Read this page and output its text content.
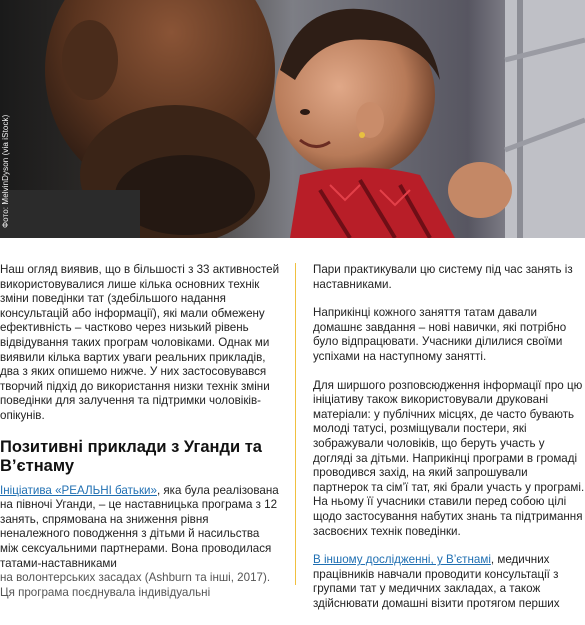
Фото: MelvinDyson (via iStock)

Наш огляд виявив, що в більшості з 33 активностей використовувалися лише кілька основних технік зміни поведінки тат (здебільшого надання консультацій або інформації), які мали обмежену ефективність – частково через низький рівень відвідування таких програм чоловіками. Однак ми виявили кілька вартих уваги реальних прикладів, два з яких опишемо нижче. У них застосовувався творчий підхід до використання низки технік зміни поведінки для залучення та підтримки чоловіків-опікунів.

Позитивні приклади з Уганди та В’єтнаму

Ініціатива «РЕАЛЬНІ батьки», яка була реалізована на півночі Уганди, – це наставницька програма з 12 занять, спрямована на зниження рівня неналежного поводження з дітьми й насильства між сексуальними партнерами. Вона проводилася татами-наставниками

на волонтерських засадах (Ashburn та інші, 2017). Ця програма поєднувала індивідуальні

Пари практикували цю систему під час занять із наставниками.

Наприкінці кожного заняття татам давали домашнє завдання – нові навички, які потрібно було відпрацювати. Учасники ділилися своїми успіхами на наступному занятті.

Для ширшого розповсюдження інформації про цю ініціативу також використовували друковані матеріали: у публічних місцях, де часто бувають молоді татусі, розміщували постери, які зображували чоловіків, що беруть участь у догляді за дітьми. Наприкінці програми в громаді проводився захід, на який запрошували партнерок та сім’ї тат, які брали участь у програмі. На ньому її учасники ставили перед собою цілі щодо застосування набутих знань та підтримання засвоєних технік поведінки.

В іншому дослідженні, у В’єтнамі, медичних працівників навчали проводити консультації з групами тат у медичних закладах, а також здійснювати домашні візити протягом перших
